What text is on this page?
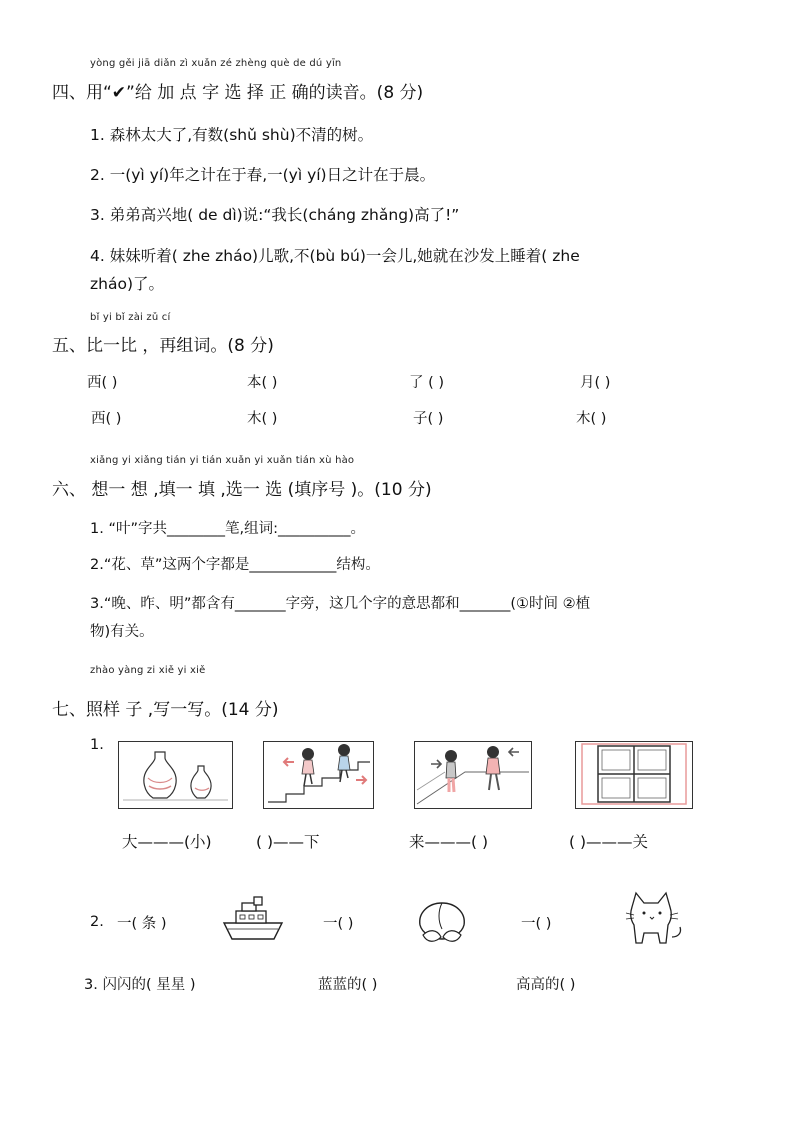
yòng gěi jiā diǎn zì xuǎn zé zhèng què de dú yīn
四、用“✔”给 加 点 字 选 择 正 确的读音。(8 分)
1. 森林太大了,有数(shǔ shù)不清的树。
2. 一(yì yí)年之计在于春,一(yì yí)日之计在于晨。
3. 弟弟高兴地( de dì)说:“我长(cháng zhǎng)高了!”
4. 妹妹听着( zhe zháo)儿歌,不(bù bú)一会儿,她就在沙发上睡着( zhe
zháo)了。
bǐ yi bǐ zài zǔ cí
五、比一比 ，再组词。(8 分)
西( )	本( )	了 ( )	月( )
西( )	木( )	子( )	木( )
xiǎng yi xiǎng tián yi tián xuǎn yi xuǎn tián xù hào
六、 想一 想 ,填一 填 ,选一 选 (填序号 )。(10 分)
1. “叶”字共________笔,组词:__________。
2.“花、草”这两个字都是____________结构。
3.“晚、昨、明”都含有_______字旁，这几个字的意思都和_______(①时间 ②植
物)有关。
zhào yàng zi xiě yi xiě
七、照样 子 ,写一写。(14 分)
1.
大———(小)	( )——下	来———( )	( )———关
2. 一( 条 )	一( )	一( )
3. 闪闪的( 星星 )	蓝蓝的( )	高高的( )
